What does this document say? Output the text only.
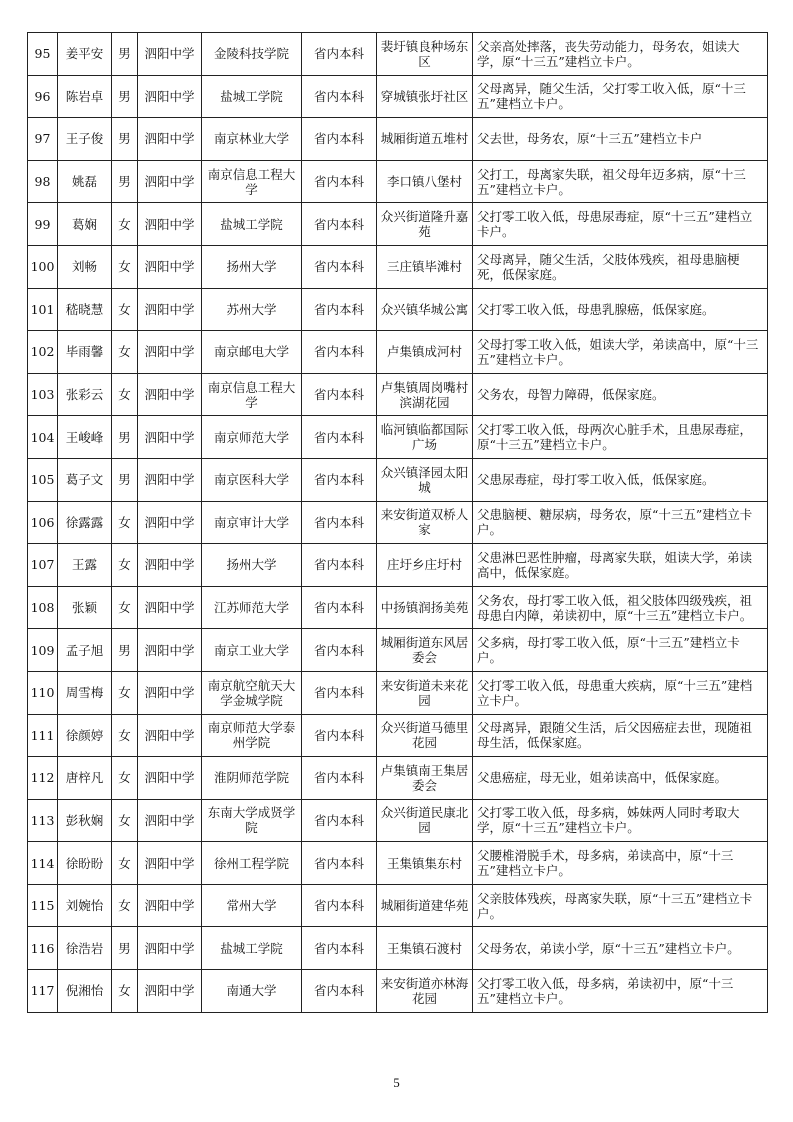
95	姜平安	男	泗阳中学	金陵科技学院	省内本科	裴圩镇良种场东区	父亲高处摔落，丧失劳动能力，母务农，姐读大学，原“十三五”建档立卡户。
96	陈岩卓	男	泗阳中学	盐城工学院	省内本科	穿城镇张圩社区	父母离异，随父生活，父打零工收入低，原“十三五”建档立卡户。
97	王子俊	男	泗阳中学	南京林业大学	省内本科	城厢街道五堆村	父去世，母务农，原“十三五”建档立卡户
98	姚磊	男	泗阳中学	南京信息工程大学	省内本科	李口镇八堡村	父打工，母离家失联，祖父母年迈多病，原“十三五”建档立卡户。
99	葛娴	女	泗阳中学	盐城工学院	省内本科	众兴街道隆升嘉苑	父打零工收入低，母患尿毒症，原“十三五”建档立卡户。
100	刘畅	女	泗阳中学	扬州大学	省内本科	三庄镇毕滩村	父母离异，随父生活，父肢体残疾，祖母患脑梗死，低保家庭。
101	嵇晓慧	女	泗阳中学	苏州大学	省内本科	众兴镇华城公寓	父打零工收入低，母患乳腺癌，低保家庭。
102	毕雨馨	女	泗阳中学	南京邮电大学	省内本科	卢集镇成河村	父母打零工收入低，姐读大学，弟读高中，原“十三五”建档立卡户。
103	张彩云	女	泗阳中学	南京信息工程大学	省内本科	卢集镇周岗嘴村滨湖花园	父务农，母智力障碍，低保家庭。
104	王峻峰	男	泗阳中学	南京师范大学	省内本科	临河镇临都国际广场	父打零工收入低，母两次心脏手术，且患尿毒症，原“十三五”建档立卡户。
105	葛子文	男	泗阳中学	南京医科大学	省内本科	众兴镇泽园太阳城	父患尿毒症，母打零工收入低，低保家庭。
106	徐露露	女	泗阳中学	南京审计大学	省内本科	来安街道双桥人家	父患脑梗、糖尿病，母务农，原“十三五”建档立卡户。
107	王露	女	泗阳中学	扬州大学	省内本科	庄圩乡庄圩村	父患淋巴恶性肿瘤，母离家失联，姐读大学，弟读高中，低保家庭。
108	张颖	女	泗阳中学	江苏师范大学	省内本科	中扬镇润扬美苑	父务农，母打零工收入低，祖父肢体四级残疾，祖母患白内障，弟读初中，原“十三五”建档立卡户。
109	孟子旭	男	泗阳中学	南京工业大学	省内本科	城厢街道东风居委会	父多病，母打零工收入低，原“十三五”建档立卡户。
110	周雪梅	女	泗阳中学	南京航空航天大学金城学院	省内本科	来安街道未来花园	父打零工收入低，母患重大疾病，原“十三五”建档立卡户。
111	徐颜婷	女	泗阳中学	南京师范大学泰州学院	省内本科	众兴街道马德里花园	父母离异，跟随父生活，后父因癌症去世，现随祖母生活，低保家庭。
112	唐梓凡	女	泗阳中学	淮阴师范学院	省内本科	卢集镇南王集居委会	父患癌症，母无业，姐弟读高中，低保家庭。
113	彭秋娴	女	泗阳中学	东南大学成贤学院	省内本科	众兴街道民康北园	父打零工收入低，母多病，姊妹两人同时考取大学，原“十三五”建档立卡户。
114	徐盼盼	女	泗阳中学	徐州工程学院	省内本科	王集镇集东村	父腰椎滑脱手术，母多病，弟读高中，原“十三五”建档立卡户。
115	刘婉怡	女	泗阳中学	常州大学	省内本科	城厢街道建华苑	父亲肢体残疾，母离家失联，原“十三五”建档立卡户。
116	徐浩岩	男	泗阳中学	盐城工学院	省内本科	王集镇石渡村	父母务农，弟读小学，原“十三五”建档立卡户。
117	倪湘怡	女	泗阳中学	南通大学	省内本科	来安街道亦林海花园	父打零工收入低，母多病，弟读初中，原“十三五”建档立卡户。
5
